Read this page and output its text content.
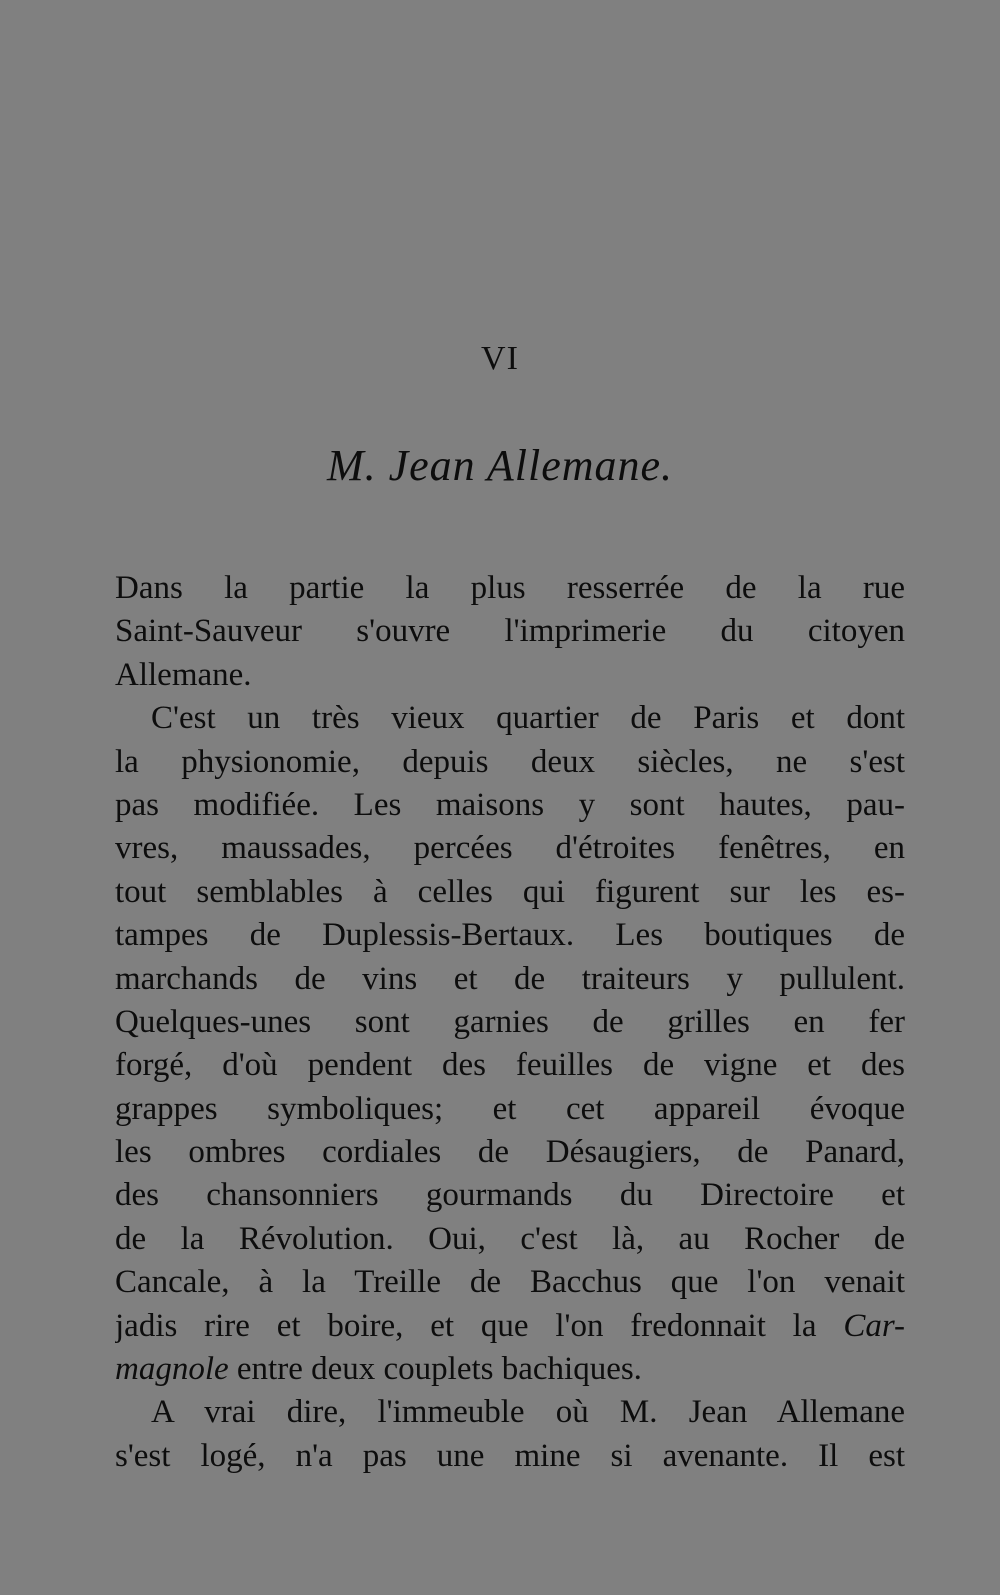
VI
M. Jean Allemane.
Dans la partie la plus resserrée de la rue
Saint-Sauveur s'ouvre l'imprimerie du citoyen
Allemane.
C'est un très vieux quartier de Paris et dont
la physionomie, depuis deux siècles, ne s'est
pas modifiée. Les maisons y sont hautes, pau-
vres, maussades, percées d'étroites fenêtres, en
tout semblables à celles qui figurent sur les es-
tampes de Duplessis-Bertaux. Les boutiques de
marchands de vins et de traiteurs y pullulent.
Quelques-unes sont garnies de grilles en fer
forgé, d'où pendent des feuilles de vigne et des
grappes symboliques; et cet appareil évoque
les ombres cordiales de Désaugiers, de Panard,
des chansonniers gourmands du Directoire et
de la Révolution. Oui, c'est là, au Rocher de
Cancale, à la Treille de Bacchus que l'on venait
jadis rire et boire, et que l'on fredonnait la Car-
magnole entre deux couplets bachiques.
A vrai dire, l'immeuble où M. Jean Allemane
s'est logé, n'a pas une mine si avenante. Il est
